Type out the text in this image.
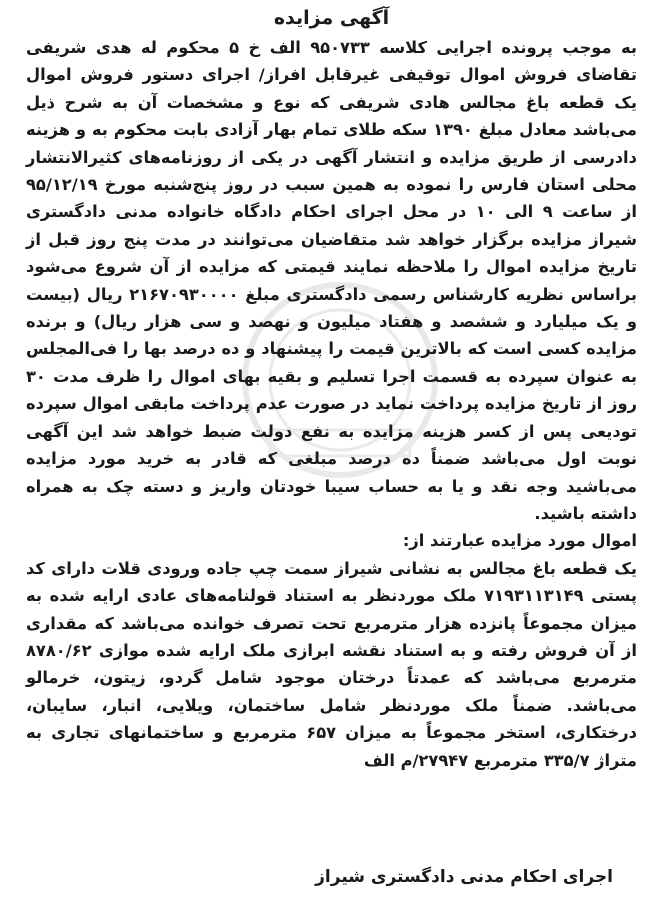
آگهی مزایده

به موجب پرونده اجرایی کلاسه ۹۵۰۷۳۳ الف خ ۵ محکوم له هدی شریفی تقاضای فروش اموال توقیفی غیرقابل افراز/ اجرای دستور فروش اموال یک قطعه باغ مجالس هادی شریفی که نوع و مشخصات آن به شرح ذیل می‌باشد معادل مبلغ ۱۳۹۰ سکه طلای تمام بهار آزادی بابت محکوم به و هزینه دادرسی از طریق مزایده و انتشار آگهی در یکی از روزنامه‌های کثیرالانتشار محلی استان فارس را نموده به همین سبب در روز پنج‌شنبه مورخ ۹۵/۱۲/۱۹ از ساعت ۹ الی ۱۰ در محل اجرای احکام دادگاه خانواده مدنی دادگستری شیراز مزایده برگزار خواهد شد متقاضیان می‌توانند در مدت پنج روز قبل از تاریخ مزایده اموال را ملاحظه نمایند قیمتی که مزایده از آن شروع می‌شود براساس نظریه کارشناس رسمی دادگستری مبلغ ۲۱۶۷۰۹۳۰۰۰۰ ریال (بیست و یک میلیارد و ششصد و هفتاد میلیون و نهصد و سی هزار ریال) و برنده مزایده کسی است که بالاترین قیمت را پیشنهاد و ده درصد بها را فی‌المجلس به عنوان سپرده به قسمت اجرا تسلیم و بقیه بهای اموال را ظرف مدت ۳۰ روز از تاریخ مزایده پرداخت نماید در صورت عدم پرداخت مابقی اموال سپرده تودیعی پس از کسر هزینه مزایده به نفع دولت ضبط خواهد شد این آگهی نوبت اول می‌باشد ضمناً ده درصد مبلغی که قادر به خرید مورد مزایده می‌باشید وجه نقد و یا به حساب سیبا خودتان واریز و دسته چک به همراه داشته باشید.

اموال مورد مزایده عبارتند از:

یک قطعه باغ مجالس به نشانی شیراز سمت چپ جاده ورودی قلات دارای کد پستی ۷۱۹۳۱۱۳۱۴۹ ملک موردنظر به استناد قولنامه‌های عادی ارایه شده به میزان مجموعاً پانزده هزار مترمربع تحت تصرف خوانده می‌باشد که مقداری از آن فروش رفته و به استناد نقشه ابرازی ملک ارایه شده موازی ۸۷۸۰/۶۲ مترمربع می‌باشد که عمدتاً درختان موجود شامل گردو، زیتون، خرمالو می‌باشد. ضمناً ملک موردنظر شامل ساختمان، ویلایی، انبار، سایبان، درختکاری، استخر مجموعاً به میزان ۶۵۷ مترمربع و ساختمانهای تجاری به متراژ ۳۳۵/۷ مترمربع ۲۷۹۴۷/م الف

اجرای احکام مدنی دادگستری شیراز
